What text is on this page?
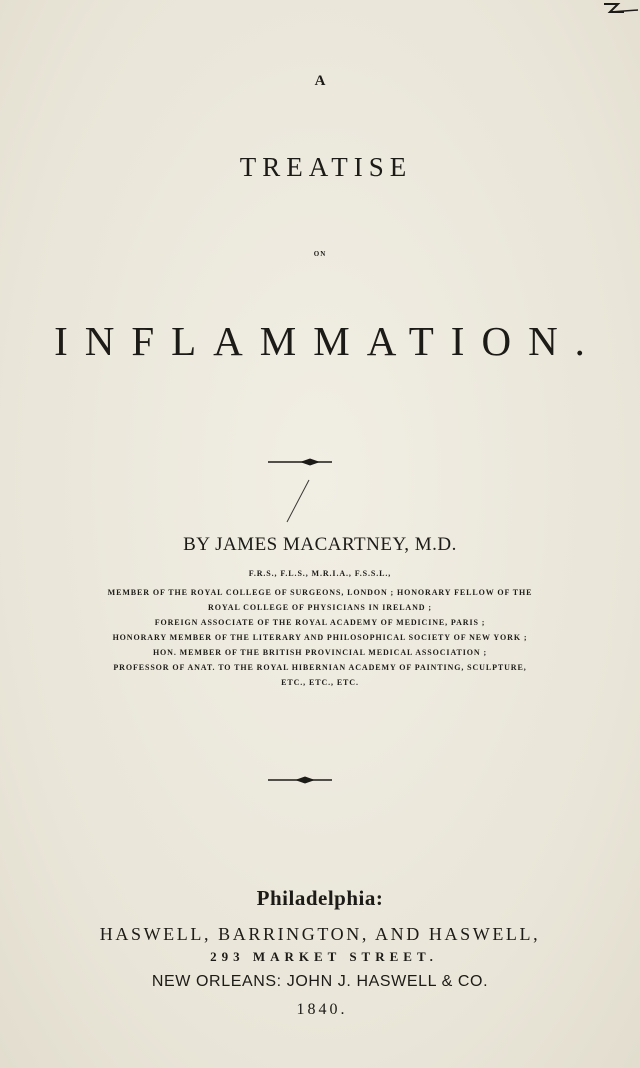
A
TREATISE
ON
INFLAMMATION.
BY JAMES MACARTNEY, M.D.
F.R.S., F.L.S., M.R.I.A., F.S.S.L.,
MEMBER OF THE ROYAL COLLEGE OF SURGEONS, LONDON ; HONORARY FELLOW OF THE
ROYAL COLLEGE OF PHYSICIANS IN IRELAND ;
FOREIGN ASSOCIATE OF THE ROYAL ACADEMY OF MEDICINE, PARIS ;
HONORARY MEMBER OF THE LITERARY AND PHILOSOPHICAL SOCIETY OF NEW YORK ;
HON. MEMBER OF THE BRITISH PROVINCIAL MEDICAL ASSOCIATION ;
PROFESSOR OF ANAT. TO THE ROYAL HIBERNIAN ACADEMY OF PAINTING, SCULPTURE,
ETC., ETC., ETC.
Philadelphia:
HASWELL, BARRINGTON, AND HASWELL,
293 MARKET STREET.
NEW ORLEANS: JOHN J. HASWELL & CO.
1840.
